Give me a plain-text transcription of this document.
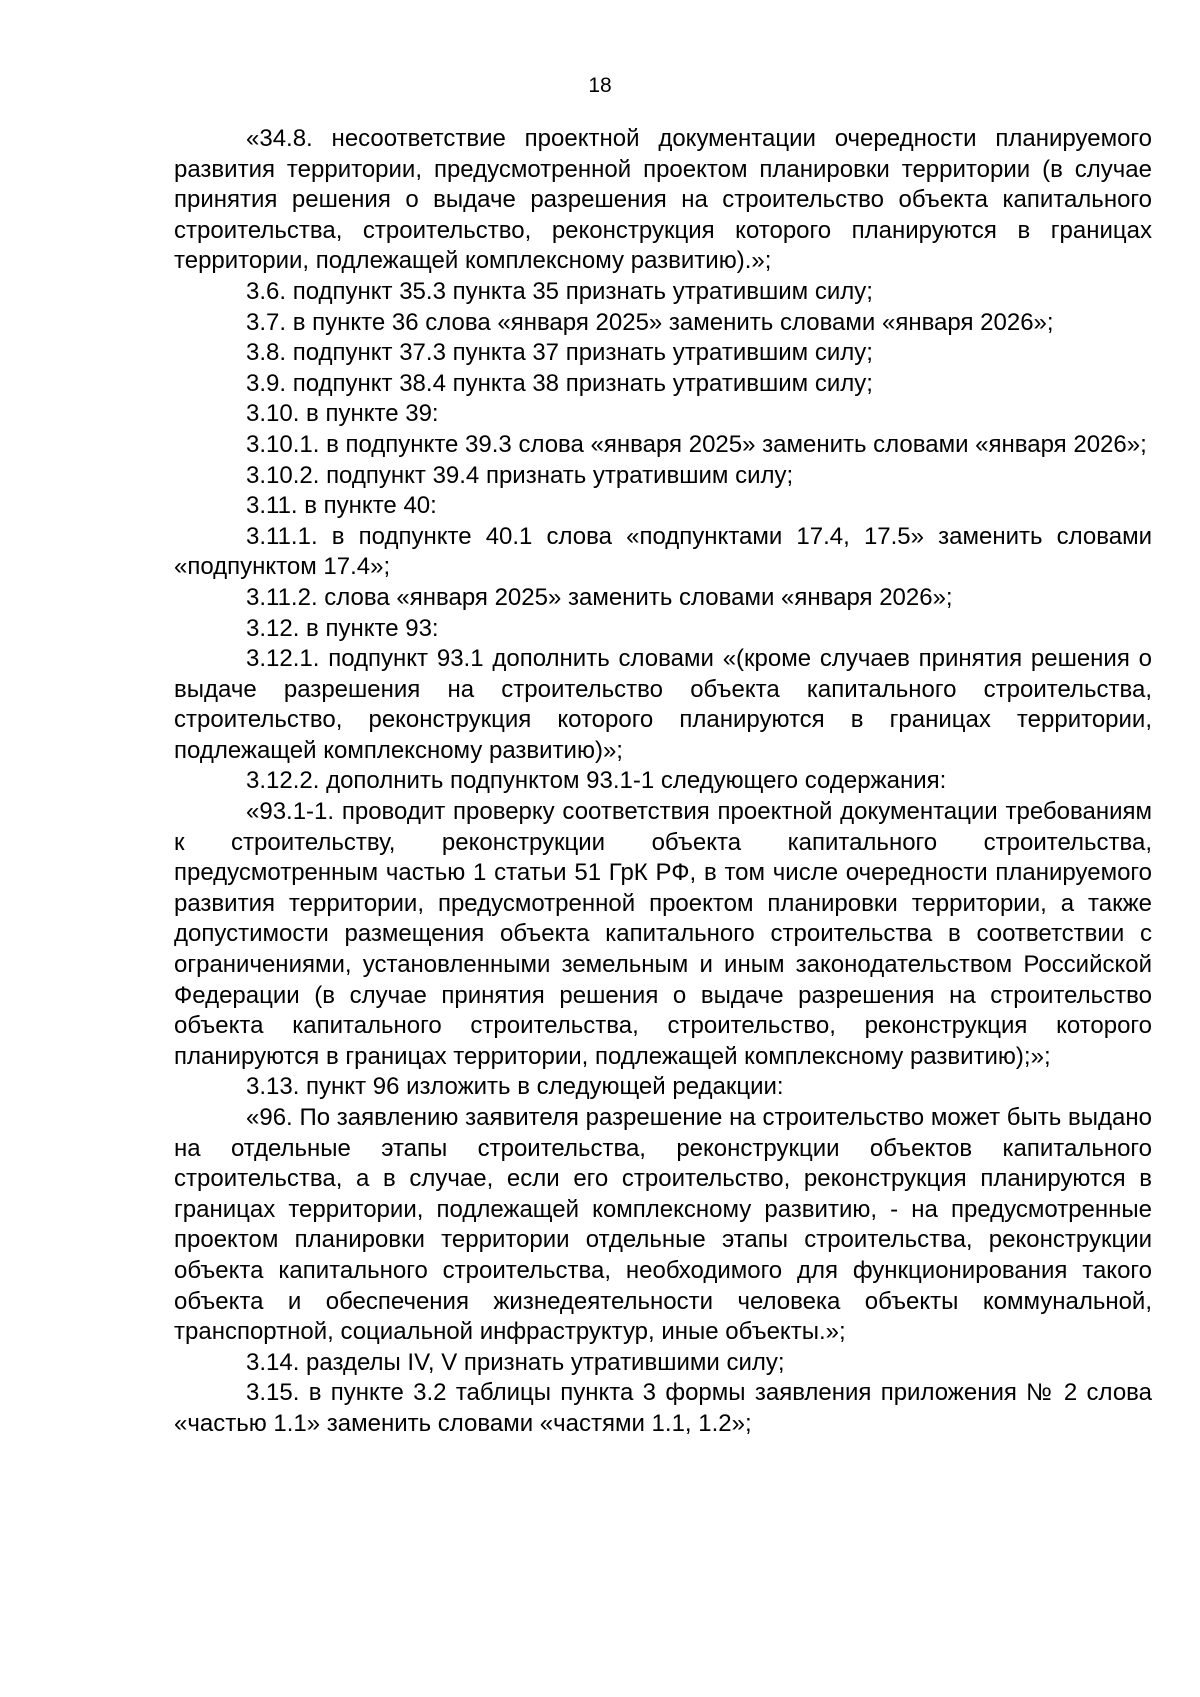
18

«34.8. несоответствие проектной документации очередности планируемого развития территории, предусмотренной проектом планировки территории (в случае принятия решения о выдаче разрешения на строительство объекта капитального строительства, строительство, реконструкция которого планируются в границах территории, подлежащей комплексному развитию).»;

3.6. подпункт 35.3 пункта 35 признать утратившим силу;

3.7. в пункте 36 слова «января 2025» заменить словами «января 2026»;

3.8. подпункт 37.3 пункта 37 признать утратившим силу;

3.9. подпункт 38.4 пункта 38 признать утратившим силу;

3.10. в пункте 39:

3.10.1. в подпункте 39.3 слова «января 2025» заменить словами «января 2026»;

3.10.2. подпункт 39.4 признать утратившим силу;

3.11. в пункте 40:

3.11.1. в подпункте 40.1 слова «подпунктами 17.4, 17.5» заменить словами «подпунктом 17.4»;

3.11.2. слова «января 2025» заменить словами «января 2026»;

3.12. в пункте 93:

3.12.1. подпункт 93.1 дополнить словами «(кроме случаев принятия решения о выдаче разрешения на строительство объекта капитального строительства, строительство, реконструкция которого планируются в границах территории, подлежащей комплексному развитию)»;

3.12.2. дополнить подпунктом 93.1-1 следующего содержания:

«93.1-1. проводит проверку соответствия проектной документации требованиям к строительству, реконструкции объекта капитального строительства, предусмотренным частью 1 статьи 51 ГрК РФ, в том числе очередности планируемого развития территории, предусмотренной проектом планировки территории, а также допустимости размещения объекта капитального строительства в соответствии с ограничениями, установленными земельным и иным законодательством Российской Федерации (в случае принятия решения о выдаче разрешения на строительство объекта капитального строительства, строительство, реконструкция которого планируются в границах территории, подлежащей комплексному развитию);»;

3.13. пункт 96 изложить в следующей редакции:

«96. По заявлению заявителя разрешение на строительство может быть выдано на отдельные этапы строительства, реконструкции объектов капитального строительства, а в случае, если его строительство, реконструкция планируются в границах территории, подлежащей комплексному развитию, - на предусмотренные проектом планировки территории отдельные этапы строительства, реконструкции объекта капитального строительства, необходимого для функционирования такого объекта и обеспечения жизнедеятельности человека объекты коммунальной, транспортной, социальной инфраструктур, иные объекты.»;

3.14. разделы IV, V признать утратившими силу;

3.15. в пункте 3.2 таблицы пункта 3 формы заявления приложения № 2 слова «частью 1.1» заменить словами «частями 1.1, 1.2»;
